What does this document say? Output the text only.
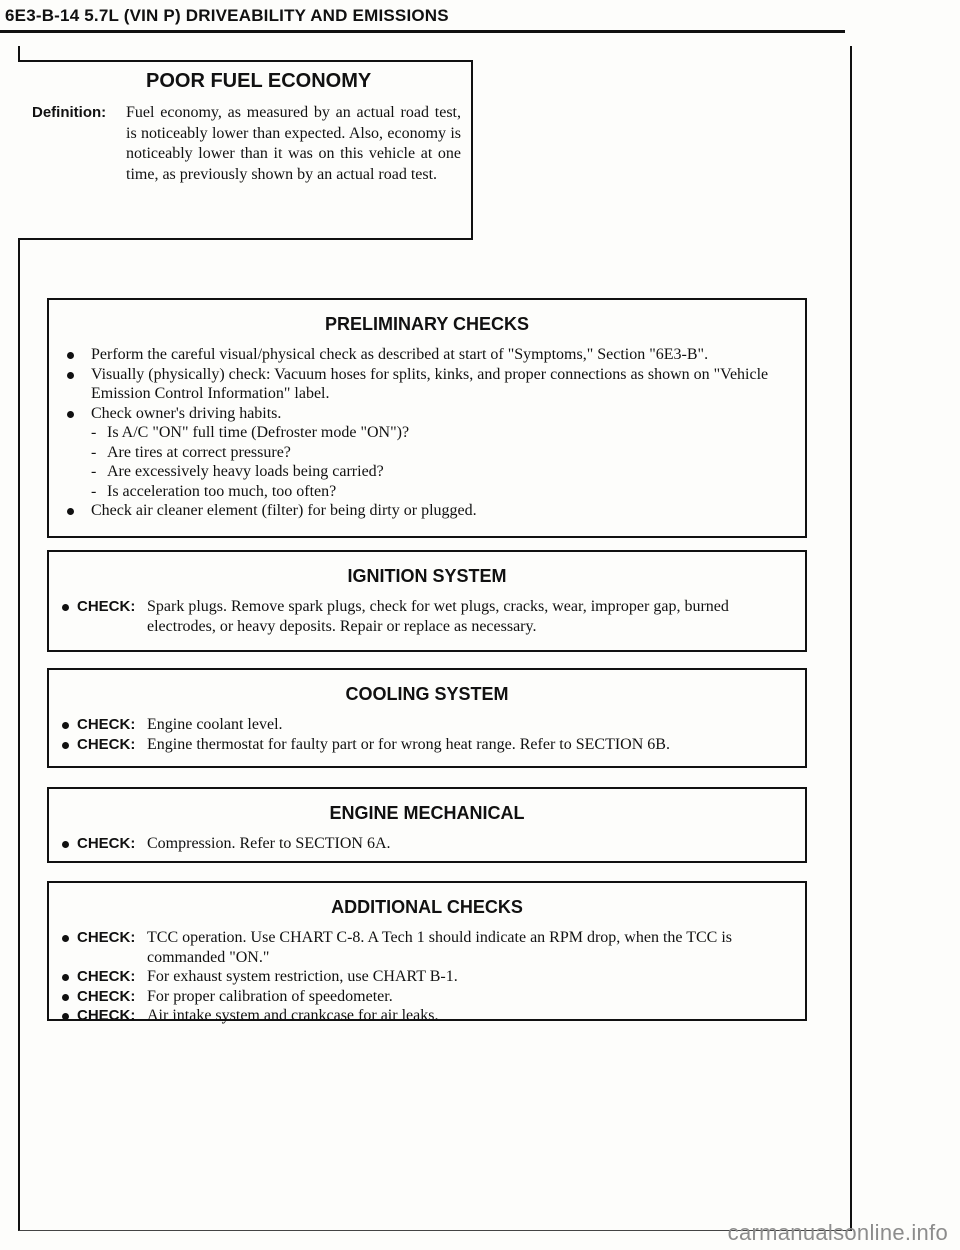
6E3-B-14 5.7L (VIN P) DRIVEABILITY AND EMISSIONS
POOR FUEL ECONOMY
Definition: Fuel economy, as measured by an actual road test, is noticeably lower than expected. Also, economy is noticeably lower than it was on this vehicle at one time, as previously shown by an actual road test.
PRELIMINARY CHECKS
Perform the careful visual/physical check as described at start of "Symptoms," Section "6E3-B".
Visually (physically) check: Vacuum hoses for splits, kinks, and proper connections as shown on "Vehicle Emission Control Information" label.
Check owner's driving habits.
- Is A/C "ON" full time (Defroster mode "ON")?
- Are tires at correct pressure?
- Are excessively heavy loads being carried?
- Is acceleration too much, too often?
Check air cleaner element (filter) for being dirty or plugged.
IGNITION SYSTEM
CHECK: Spark plugs. Remove spark plugs, check for wet plugs, cracks, wear, improper gap, burned electrodes, or heavy deposits. Repair or replace as necessary.
COOLING SYSTEM
CHECK: Engine coolant level.
CHECK: Engine thermostat for faulty part or for wrong heat range. Refer to SECTION 6B.
ENGINE MECHANICAL
CHECK: Compression. Refer to SECTION 6A.
ADDITIONAL CHECKS
CHECK: TCC operation. Use CHART C-8. A Tech 1 should indicate an RPM drop, when the TCC is commanded "ON."
CHECK: For exhaust system restriction, use CHART B-1.
CHECK: For proper calibration of speedometer.
CHECK: Air intake system and crankcase for air leaks.
carmanualsonline.info
